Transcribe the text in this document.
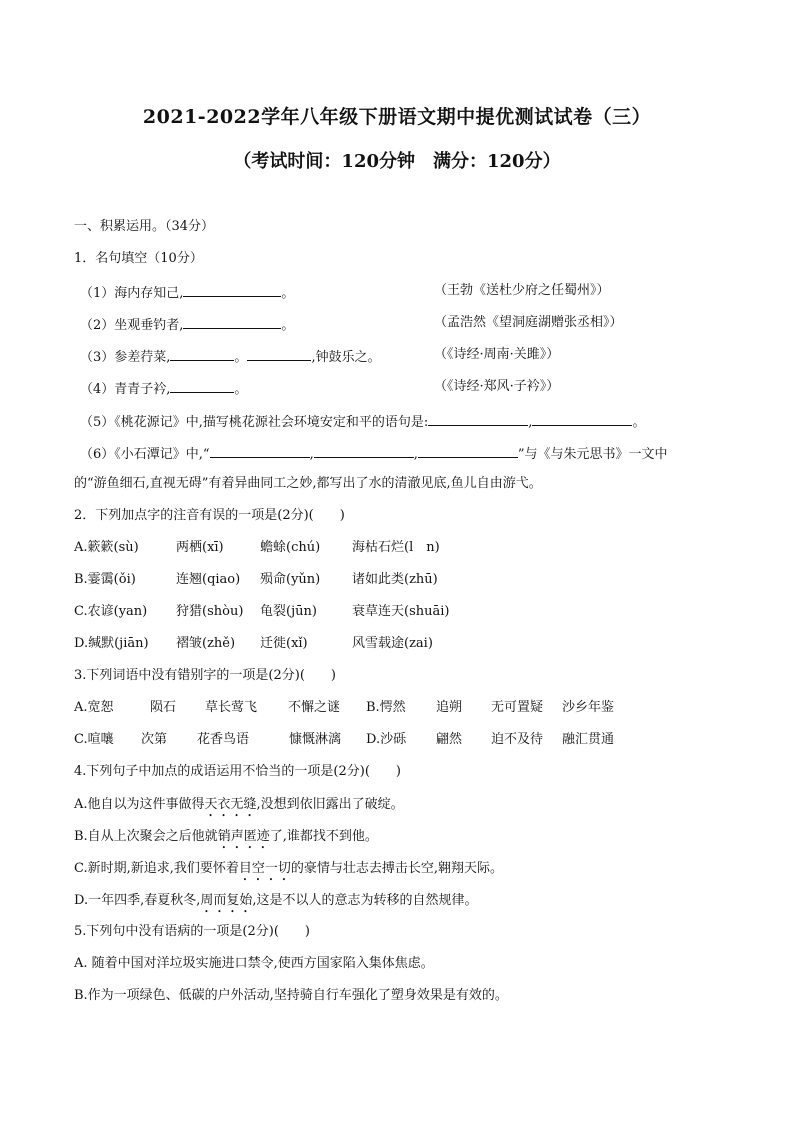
2021-2022学年八年级下册语文期中提优测试试卷（三）
（考试时间：120分钟　满分：120分）
一、积累运用。（34分）
1．名句填空（10分）
（1）海内存知己,	。	（王勃《送杜少府之任蜀州》）
（2）坐观垂钓者,	。	（孟浩然《望洞庭湖赠张丞相》）
（3）参差荇菜,	。	,钟鼓乐之。	（《诗经·周南·关雎》）
（4）青青子衿,	。	（《诗经·郑风·子衿》）
（5）《桃花源记》中,描写桃花源社会环境安定和平的语句是:	,	。
（6）《小石潭记》中,“	,	,	”与《与朱元思书》一文中
的“游鱼细石,直视无碍”有着异曲同工之妙,都写出了水的清澈见底,鱼儿自由游弋。
2．下列加点字的注音有误的一项是(2分)(　　)
A.簌簌(sù)	两栖(xī)	蟾蜍(chú) 海枯石烂(l　n)
B.霎霭(ǒi)	连翘(qiao) 殒命(yǔn) 诸如此类(zhū)
C.农谚(yan) 狩猎(shòu) 龟裂(jūn)	衰草连天(shuāi)
D.缄默(jiān) 褶皱(zhě) 迁徙(xǐ)	风雪载途(zai)
3.下列词语中没有错别字的一项是(2分)(　　)
A.宽恕	陨石 草长莺飞 不懈之谜 B.愕然 追朔 无可置疑 沙乡年鉴
C.喧嚷 次第 花香鸟语	慷慨淋漓 D.沙砾 翩然 迫不及待 融汇贯通
4.下列句子中加点的成语运用不恰当的一项是(2分)(　　)
A.他自以为这件事做得天衣无缝,没想到依旧露出了破绽。
B.自从上次聚会之后他就销声匿迹了,谁都找不到他。
C.新时期,新追求,我们要怀着目空一切的豪情与壮志去搏击长空,翱翔天际。
D.一年四季,春夏秋冬,周而复始,这是不以人的意志为转移的自然规律。
5.下列句中没有语病的一项是(2分)(　　)
A. 随着中国对洋垃圾实施进口禁令,使西方国家陷入集体焦虑。
B.作为一项绿色、低碳的户外活动,坚持骑自行车强化了塑身效果是有效的。
